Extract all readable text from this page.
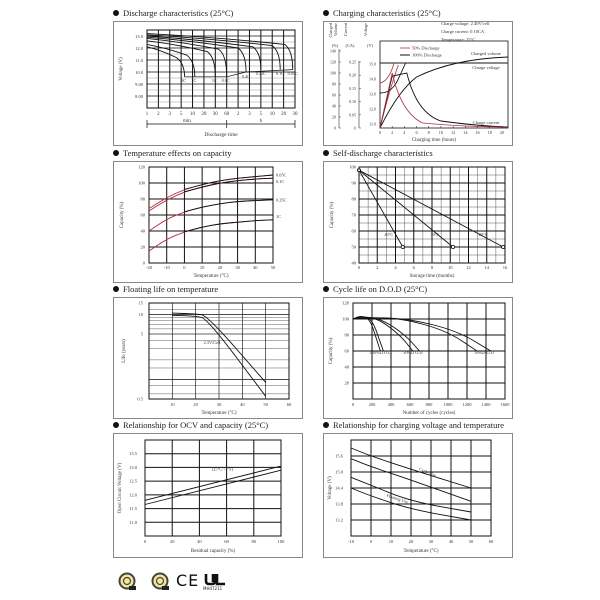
Discharge characteristics (25°C)
1 2 3 5 10 20 30 60 2 3 5 10 20 30
13.0
12.0
11.0
10.0
9.00
8.00
Voltage (V)
min	h
Discharge time
3C 2C	1C 0.6C
0.4C
0.25C 0.1C 0.05C
Charging characteristics (25°C)
Charged Volume
(%)
Current
(CA)
Voltage
(V)
0
20
40
60
80
100
120
140
0
0.05
0.10
0.15
0.20
0.25
11.0
12.0
13.0
14.0
15.0
0 2 4 6 8 10 12 14 16 18 20
Charging time (hours)
Charge voltage: 2.40V/cell
Charge current: 0.10CA
Temperature: 25°C
50% Discharge
100% Discharge	Charged volume
Charge voltage
Charge current
Temperature effects on capacity
-20	-10	0	10	20	30	40	50
0
20
40
60
80
100
120
Temperature (°C)
Capacity (%)
0.05C
0.1C
0.25C
1C
Self-discharge characteristics
0	2	4	6	8	10	12	14	16
40
50
60
70
80
90
100
Storage time (months)
Capacity (%)
40°C	30°C	20°C
Floating life on temperature
10	20	30	40	50	60
15
10
5
0.5
Temperature (°C)
Life (years)	2.3V/Cell
Cycle life on D.O.D (25°C)
0	200	400	600	800 1000 1200 1400 1600
20
40
60
80
100
120
Number of cycles (cycles)
Capacity (%)	100%D.O.D	50%D.O.D	30%D.O.D
Relationship for OCV and capacity (25°C)
0	20	40	60	80	100
13.5
13.0
12.5
12.0
11.5
11.0
Residual capacity (%)
Open Circuit Voltage (V)	(25°C/77°F)
Relationship for charging voltage and temperature
-10	0	10	20	30	40	50	60
15.6
15.0
14.4
13.8
13.2
Temperature (°C)
Voltage (V)
Cycle Use
Floating Use
CE MH47211
